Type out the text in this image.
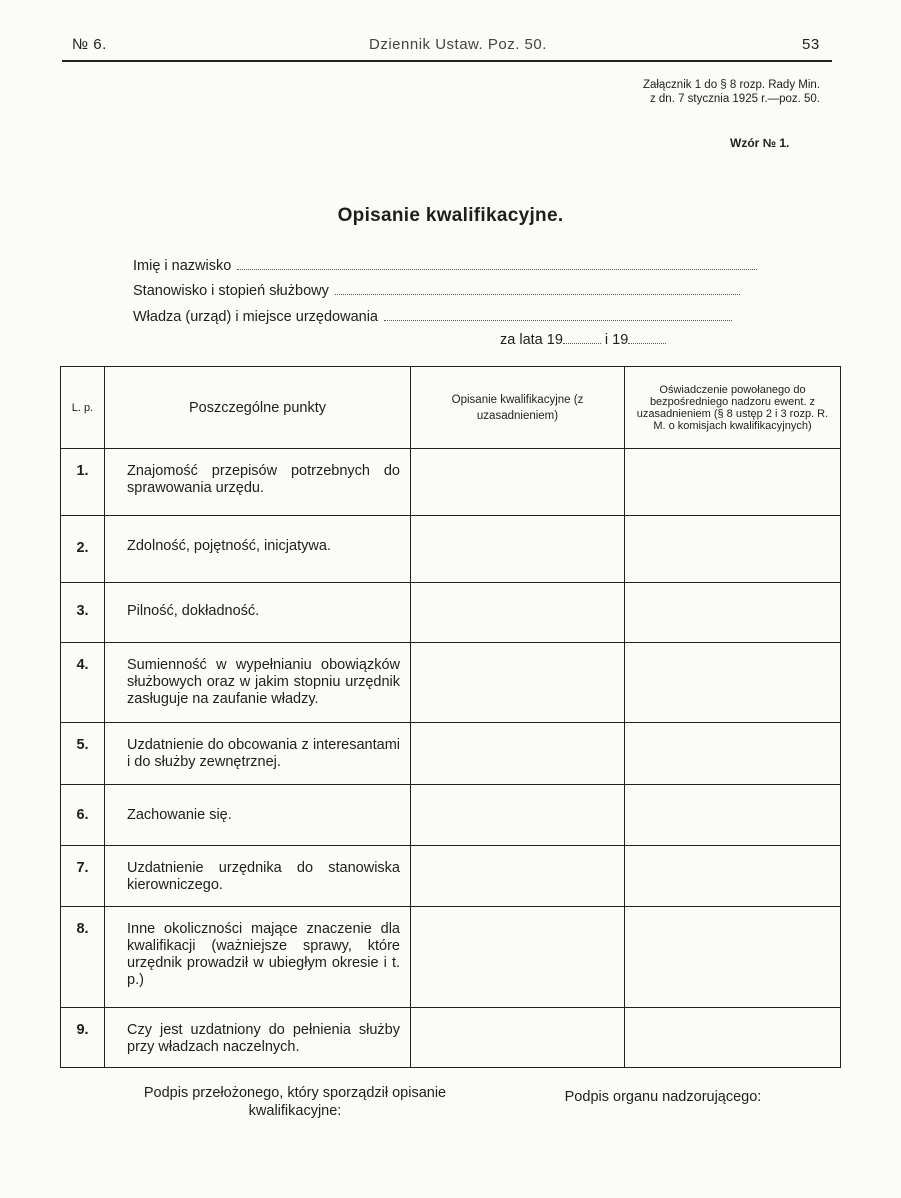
№ 6.	Dziennik Ustaw. Poz. 50.	53
Załącznik 1 do § 8 rozp. Rady Min.
z dn. 7 stycznia 1925 r.—poz. 50.
Wzór № 1.
Opisanie kwalifikacyjne.
Imię i nazwisko
Stanowisko i stopień służbowy
Władza (urząd) i miejsce urzędowania
za lata 19	i 19
L. p.	Poszczególne punkty	Opisanie kwalifikacyjne (z uzasadnieniem)	Oświadczenie powołanego do bezpośredniego nadzoru ewent. z uzasadnieniem (§ 8 ustęp 2 i 3 rozp. R. M. o komisjach kwalifikacyjnych)
1.	Znajomość przepisów potrzebnych do sprawowania urzędu.		
2.	Zdolność, pojętność, inicjatywa.		
3.	Pilność, dokładność.		
4.	Sumienność w wypełnianiu obowiązków służbowych oraz w jakim stopniu urzędnik zasługuje na zaufanie władzy.		
5.	Uzdatnienie do obcowania z interesantami i do służby zewnętrznej.		
6.	Zachowanie się.		
7.	Uzdatnienie urzędnika do stanowiska kierowniczego.		
8.	Inne okoliczności mające znaczenie dla kwalifikacji (ważniejsze sprawy, które urzędnik prowadził w ubiegłym okresie i t. p.)		
9.	Czy jest uzdatniony do pełnienia służby przy władzach naczelnych.		
Podpis przełożonego, który sporządził opisanie kwalifikacyjne:
Podpis organu nadzorującego:
